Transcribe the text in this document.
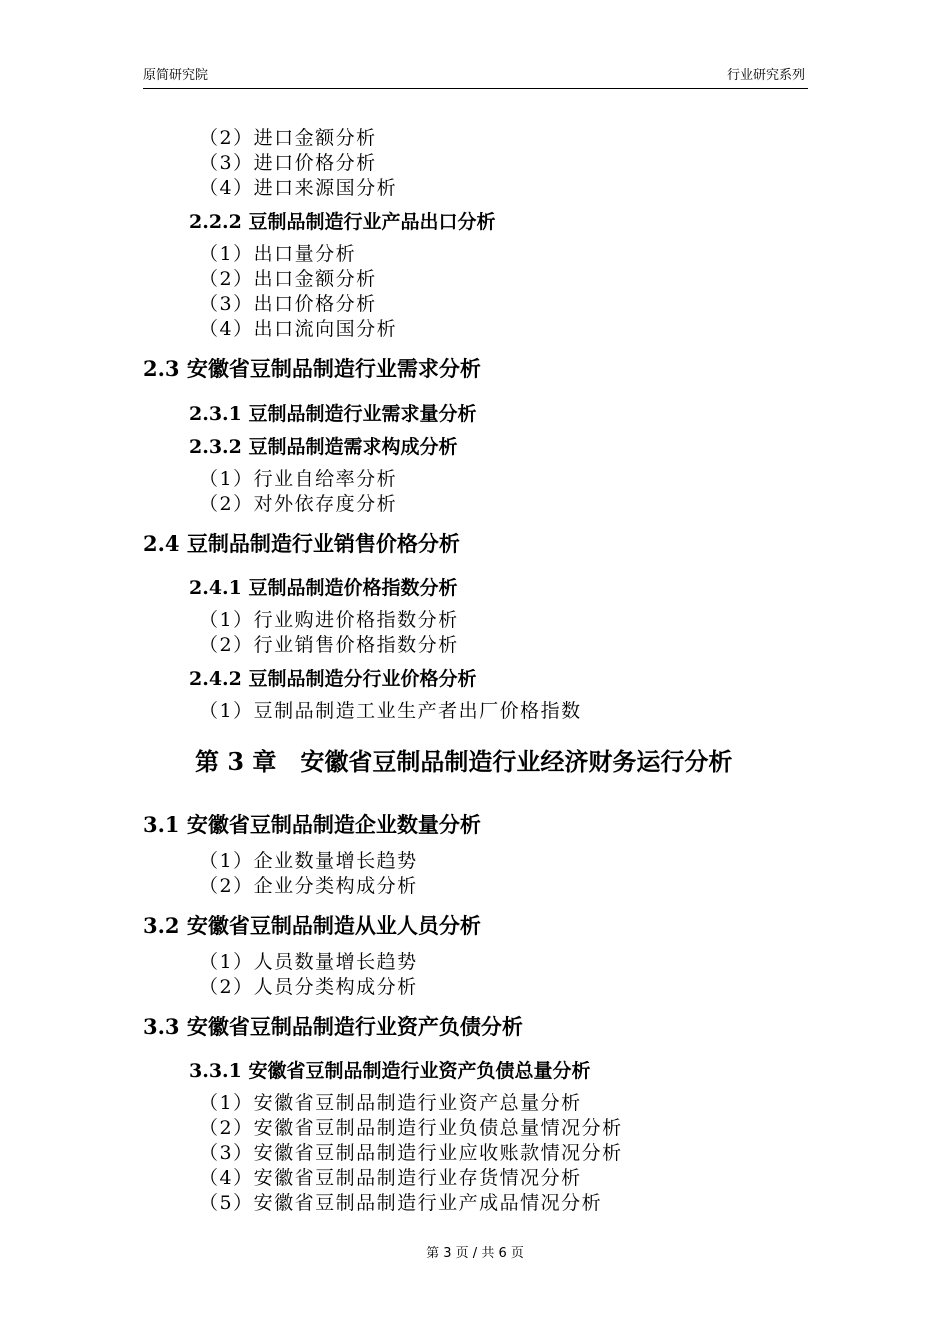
原简研究院	行业研究系列
（2）进口金额分析
（3）进口价格分析
（4）进口来源国分析
2.2.2 豆制品制造行业产品出口分析
（1）出口量分析
（2）出口金额分析
（3）出口价格分析
（4）出口流向国分析
2.3 安徽省豆制品制造行业需求分析
2.3.1 豆制品制造行业需求量分析
2.3.2 豆制品制造需求构成分析
（1）行业自给率分析
（2）对外依存度分析
2.4 豆制品制造行业销售价格分析
2.4.1 豆制品制造价格指数分析
（1）行业购进价格指数分析
（2）行业销售价格指数分析
2.4.2 豆制品制造分行业价格分析
（1）豆制品制造工业生产者出厂价格指数
第 3 章　安徽省豆制品制造行业经济财务运行分析
3.1 安徽省豆制品制造企业数量分析
（1）企业数量增长趋势
（2）企业分类构成分析
3.2 安徽省豆制品制造从业人员分析
（1）人员数量增长趋势
（2）人员分类构成分析
3.3 安徽省豆制品制造行业资产负债分析
3.3.1 安徽省豆制品制造行业资产负债总量分析
（1）安徽省豆制品制造行业资产总量分析
（2）安徽省豆制品制造行业负债总量情况分析
（3）安徽省豆制品制造行业应收账款情况分析
（4）安徽省豆制品制造行业存货情况分析
（5）安徽省豆制品制造行业产成品情况分析
第 3 页 / 共 6 页
